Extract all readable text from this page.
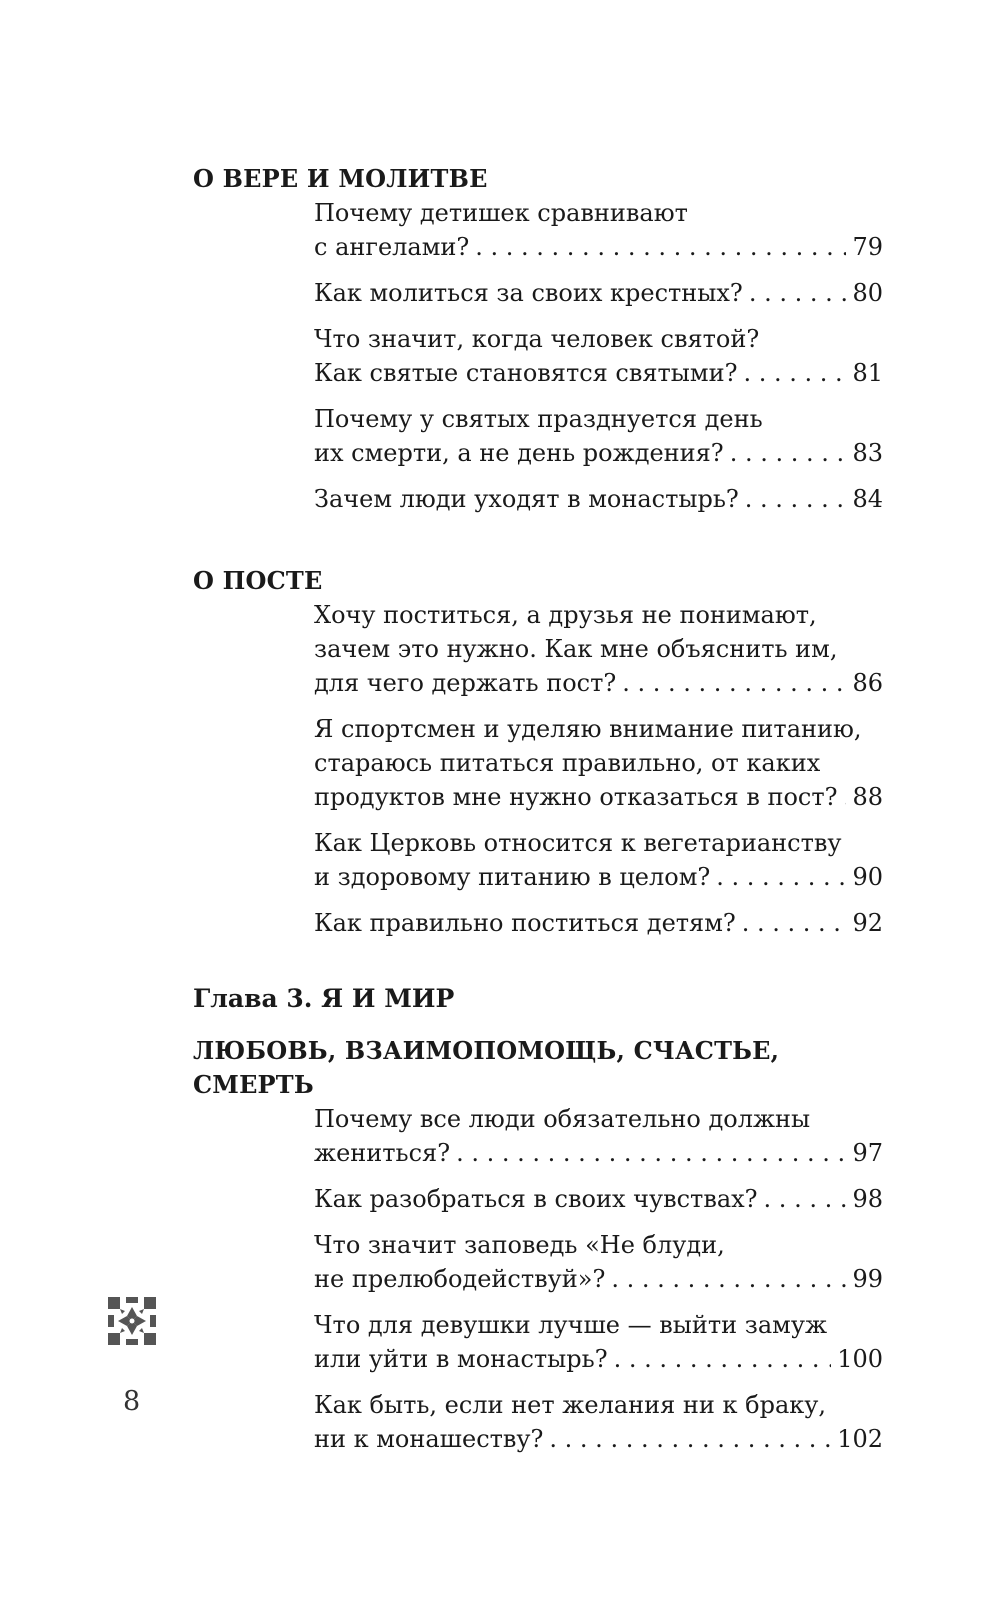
О ВЕРЕ И МОЛИТВЕ
Почему детишек сравнивают
с ангелами? . . .	79
Как молиться за своих крестных? . . .	80
Что значит, когда человек святой?
Как святые становятся святыми? . . .	81
Почему у святых празднуется день
их смерти, а не день рождения? . . .	83
Зачем люди уходят в монастырь? . . .	84
О ПОСТЕ
Хочу поститься, а друзья не понимают,
зачем это нужно. Как мне объяснить им,
для чего держать пост? . . .	86
Я спортсмен и уделяю внимание питанию,
стараюсь питаться правильно, от каких
продуктов мне нужно отказаться в пост? . . . 88
Как Церковь относится к вегетарианству
и здоровому питанию в целом? . . .	90
Как правильно поститься детям? . . .	92
Глава 3. Я И МИР
ЛЮБОВЬ, ВЗАИМОПОМОЩЬ, СЧАСТЬЕ, СМЕРТЬ
Почему все люди обязательно должны
жениться? . . .	97
Как разобраться в своих чувствах? . . .	98
Что значит заповедь «Не блуди,
не прелюбодействуй»? . . .	99
Что для девушки лучше — выйти замуж
или уйти в монастырь? . . .	100
Как быть, если нет желания ни к браку,
ни к монашеству? . . .	102
8
